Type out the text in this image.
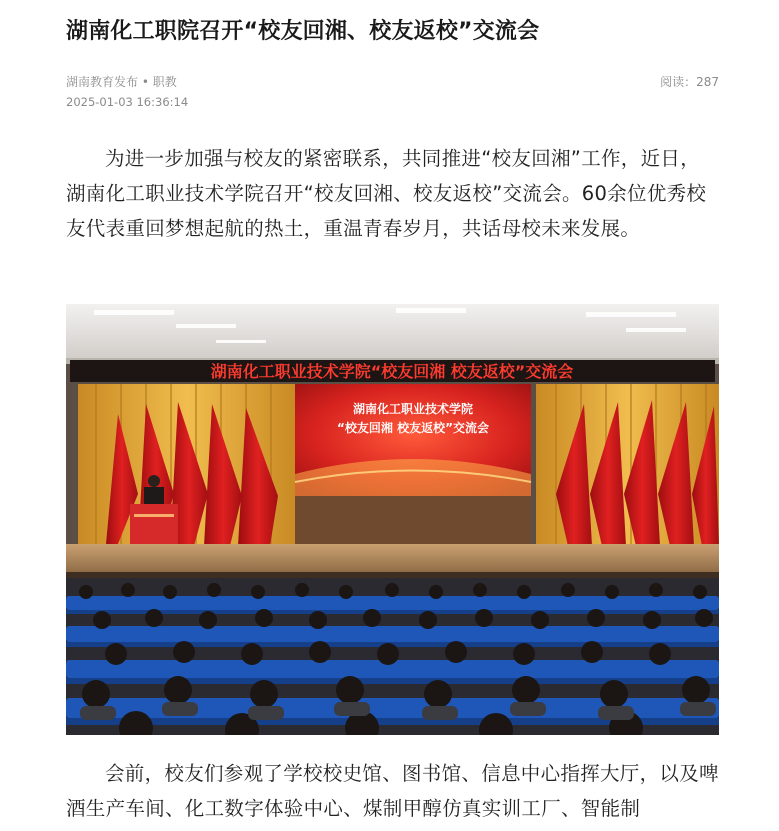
湖南化工职院召开“校友回湘、校友返校”交流会
湖南教育发布 • 职教	阅读：287
2025-01-03 16:36:14

为进一步加强与校友的紧密联系，共同推进“校友回湘”工作，近日，湖南化工职业技术学院召开“校友回湘、校友返校”交流会。60余位优秀校友代表重回梦想起航的热土，重温青春岁月，共话母校未来发展。

湖南化工职业技术学院“校友回湘 校友返校”交流会
湖南化工职业技术学院
“校友回湘 校友返校”交流会

会前，校友们参观了学校校史馆、图书馆、信息中心指挥大厅，以及啤酒生产车间、化工数字体验中心、煤制甲醇仿真实训工厂、智能制
